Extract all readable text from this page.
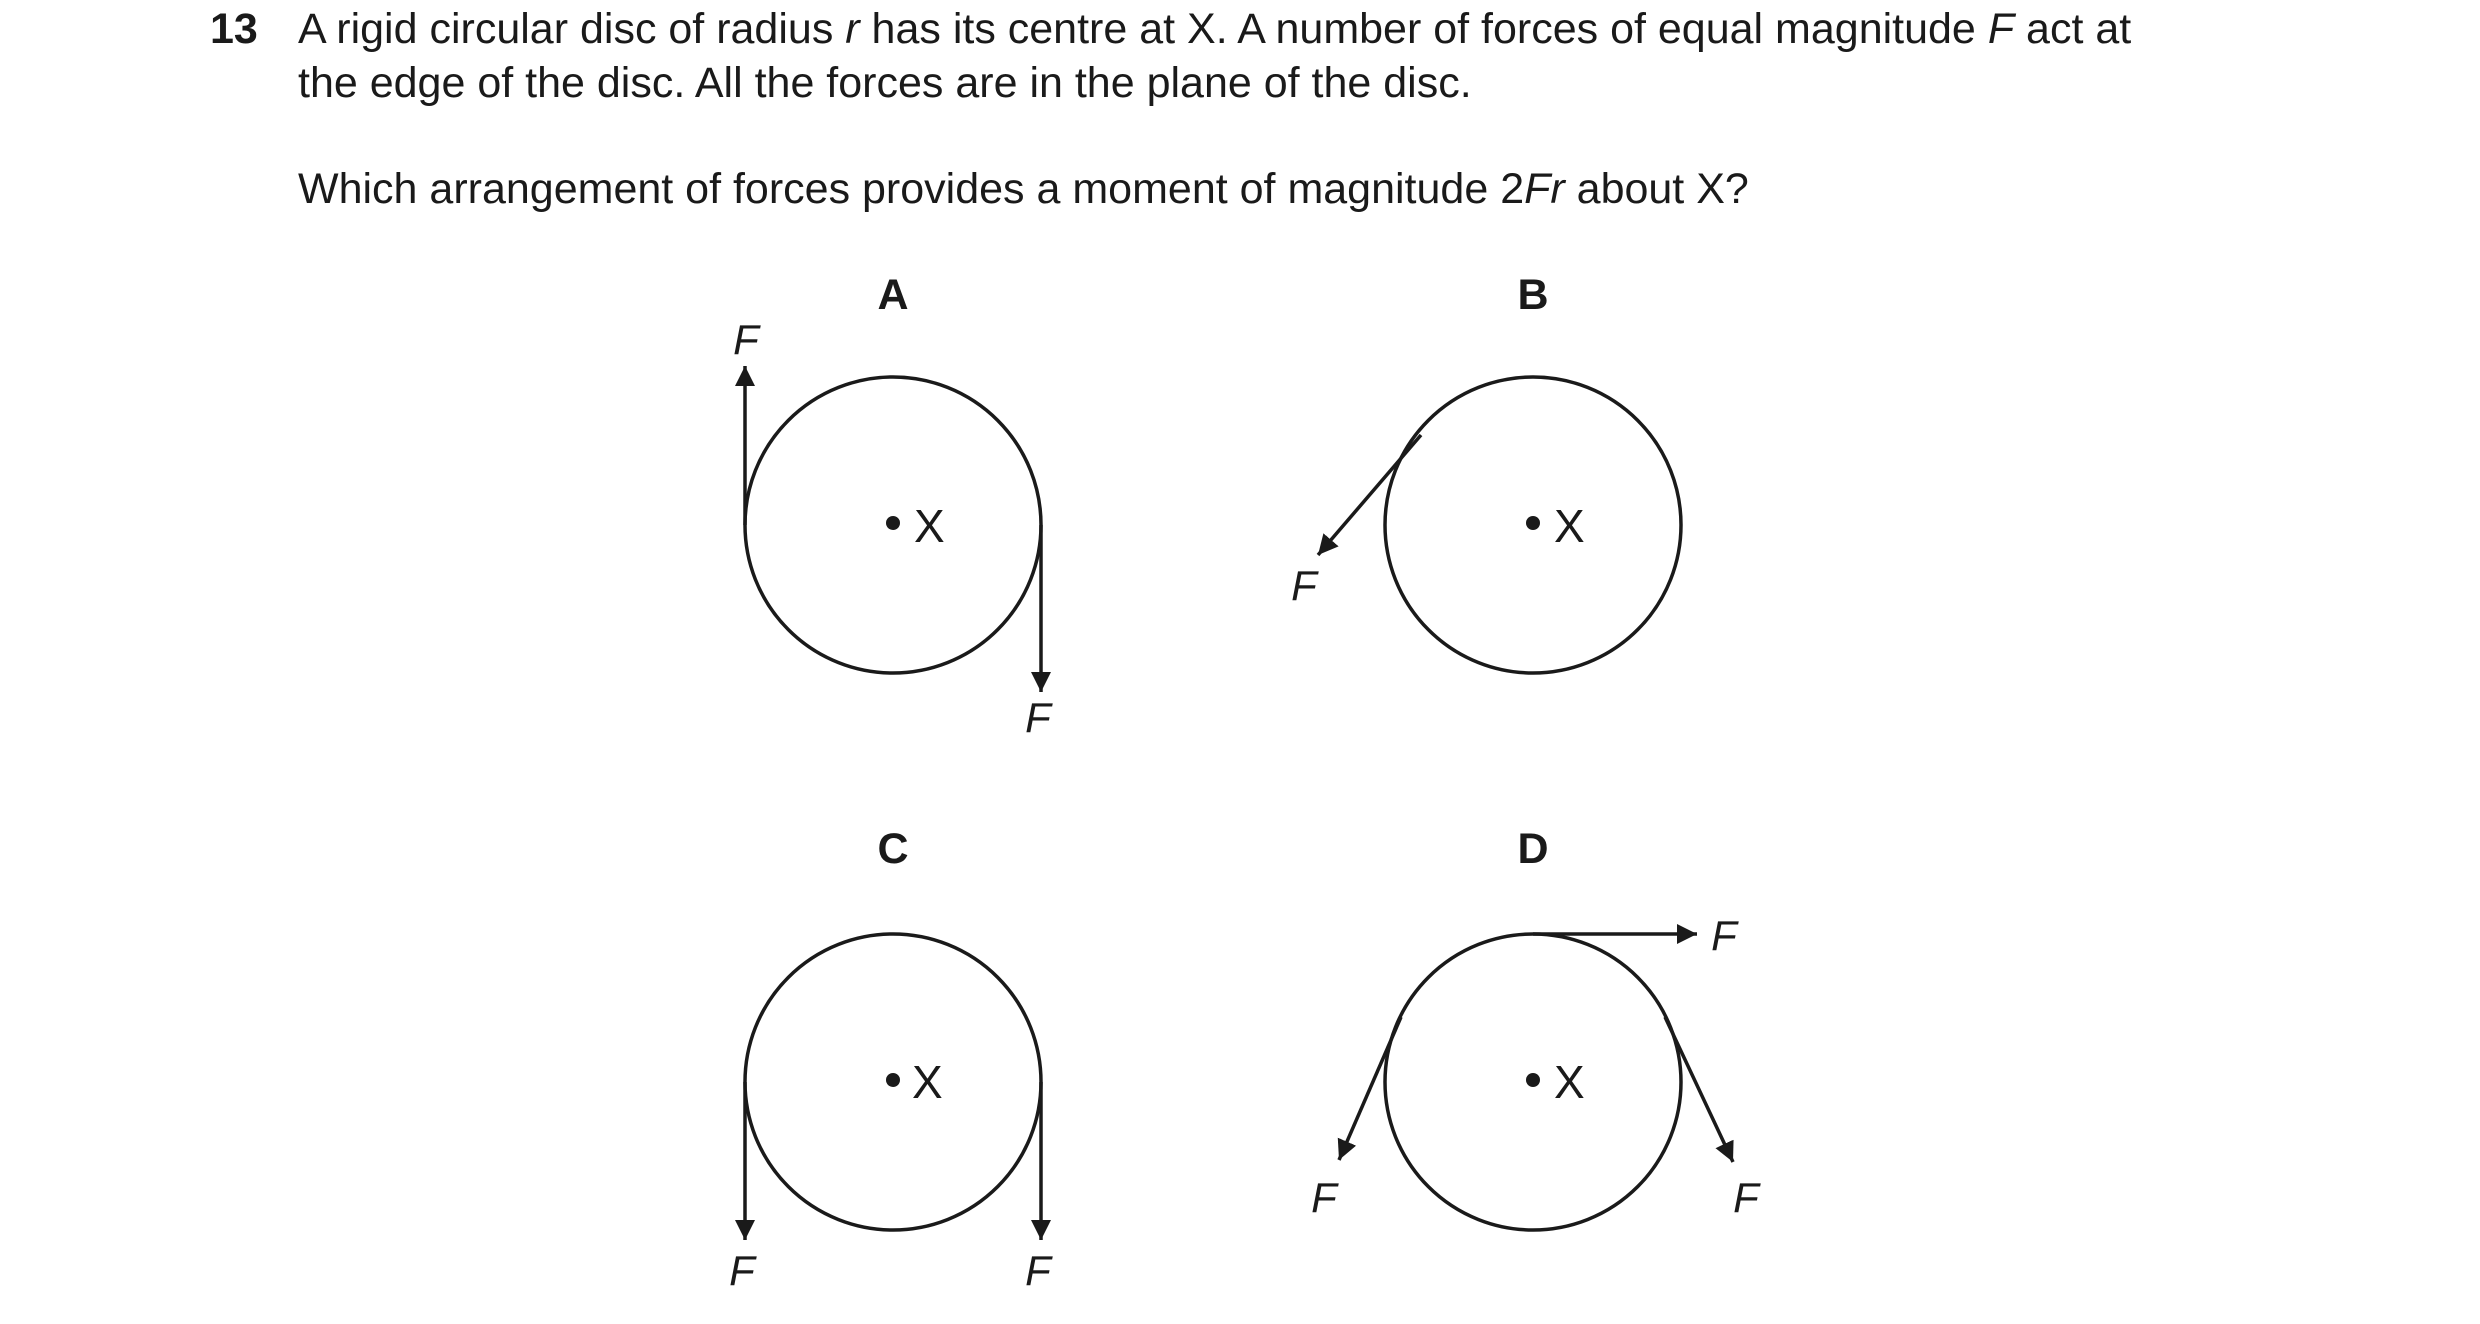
13 A rigid circular disc of radius r has its centre at X. A number of forces of equal magnitude F act at
the edge of the disc. All the forces are in the plane of the disc.

Which arrangement of forces provides a moment of magnitude 2Fr about X?

A
X
F
F
B
X
F
C
X
F	F
D
X
F
F	F
